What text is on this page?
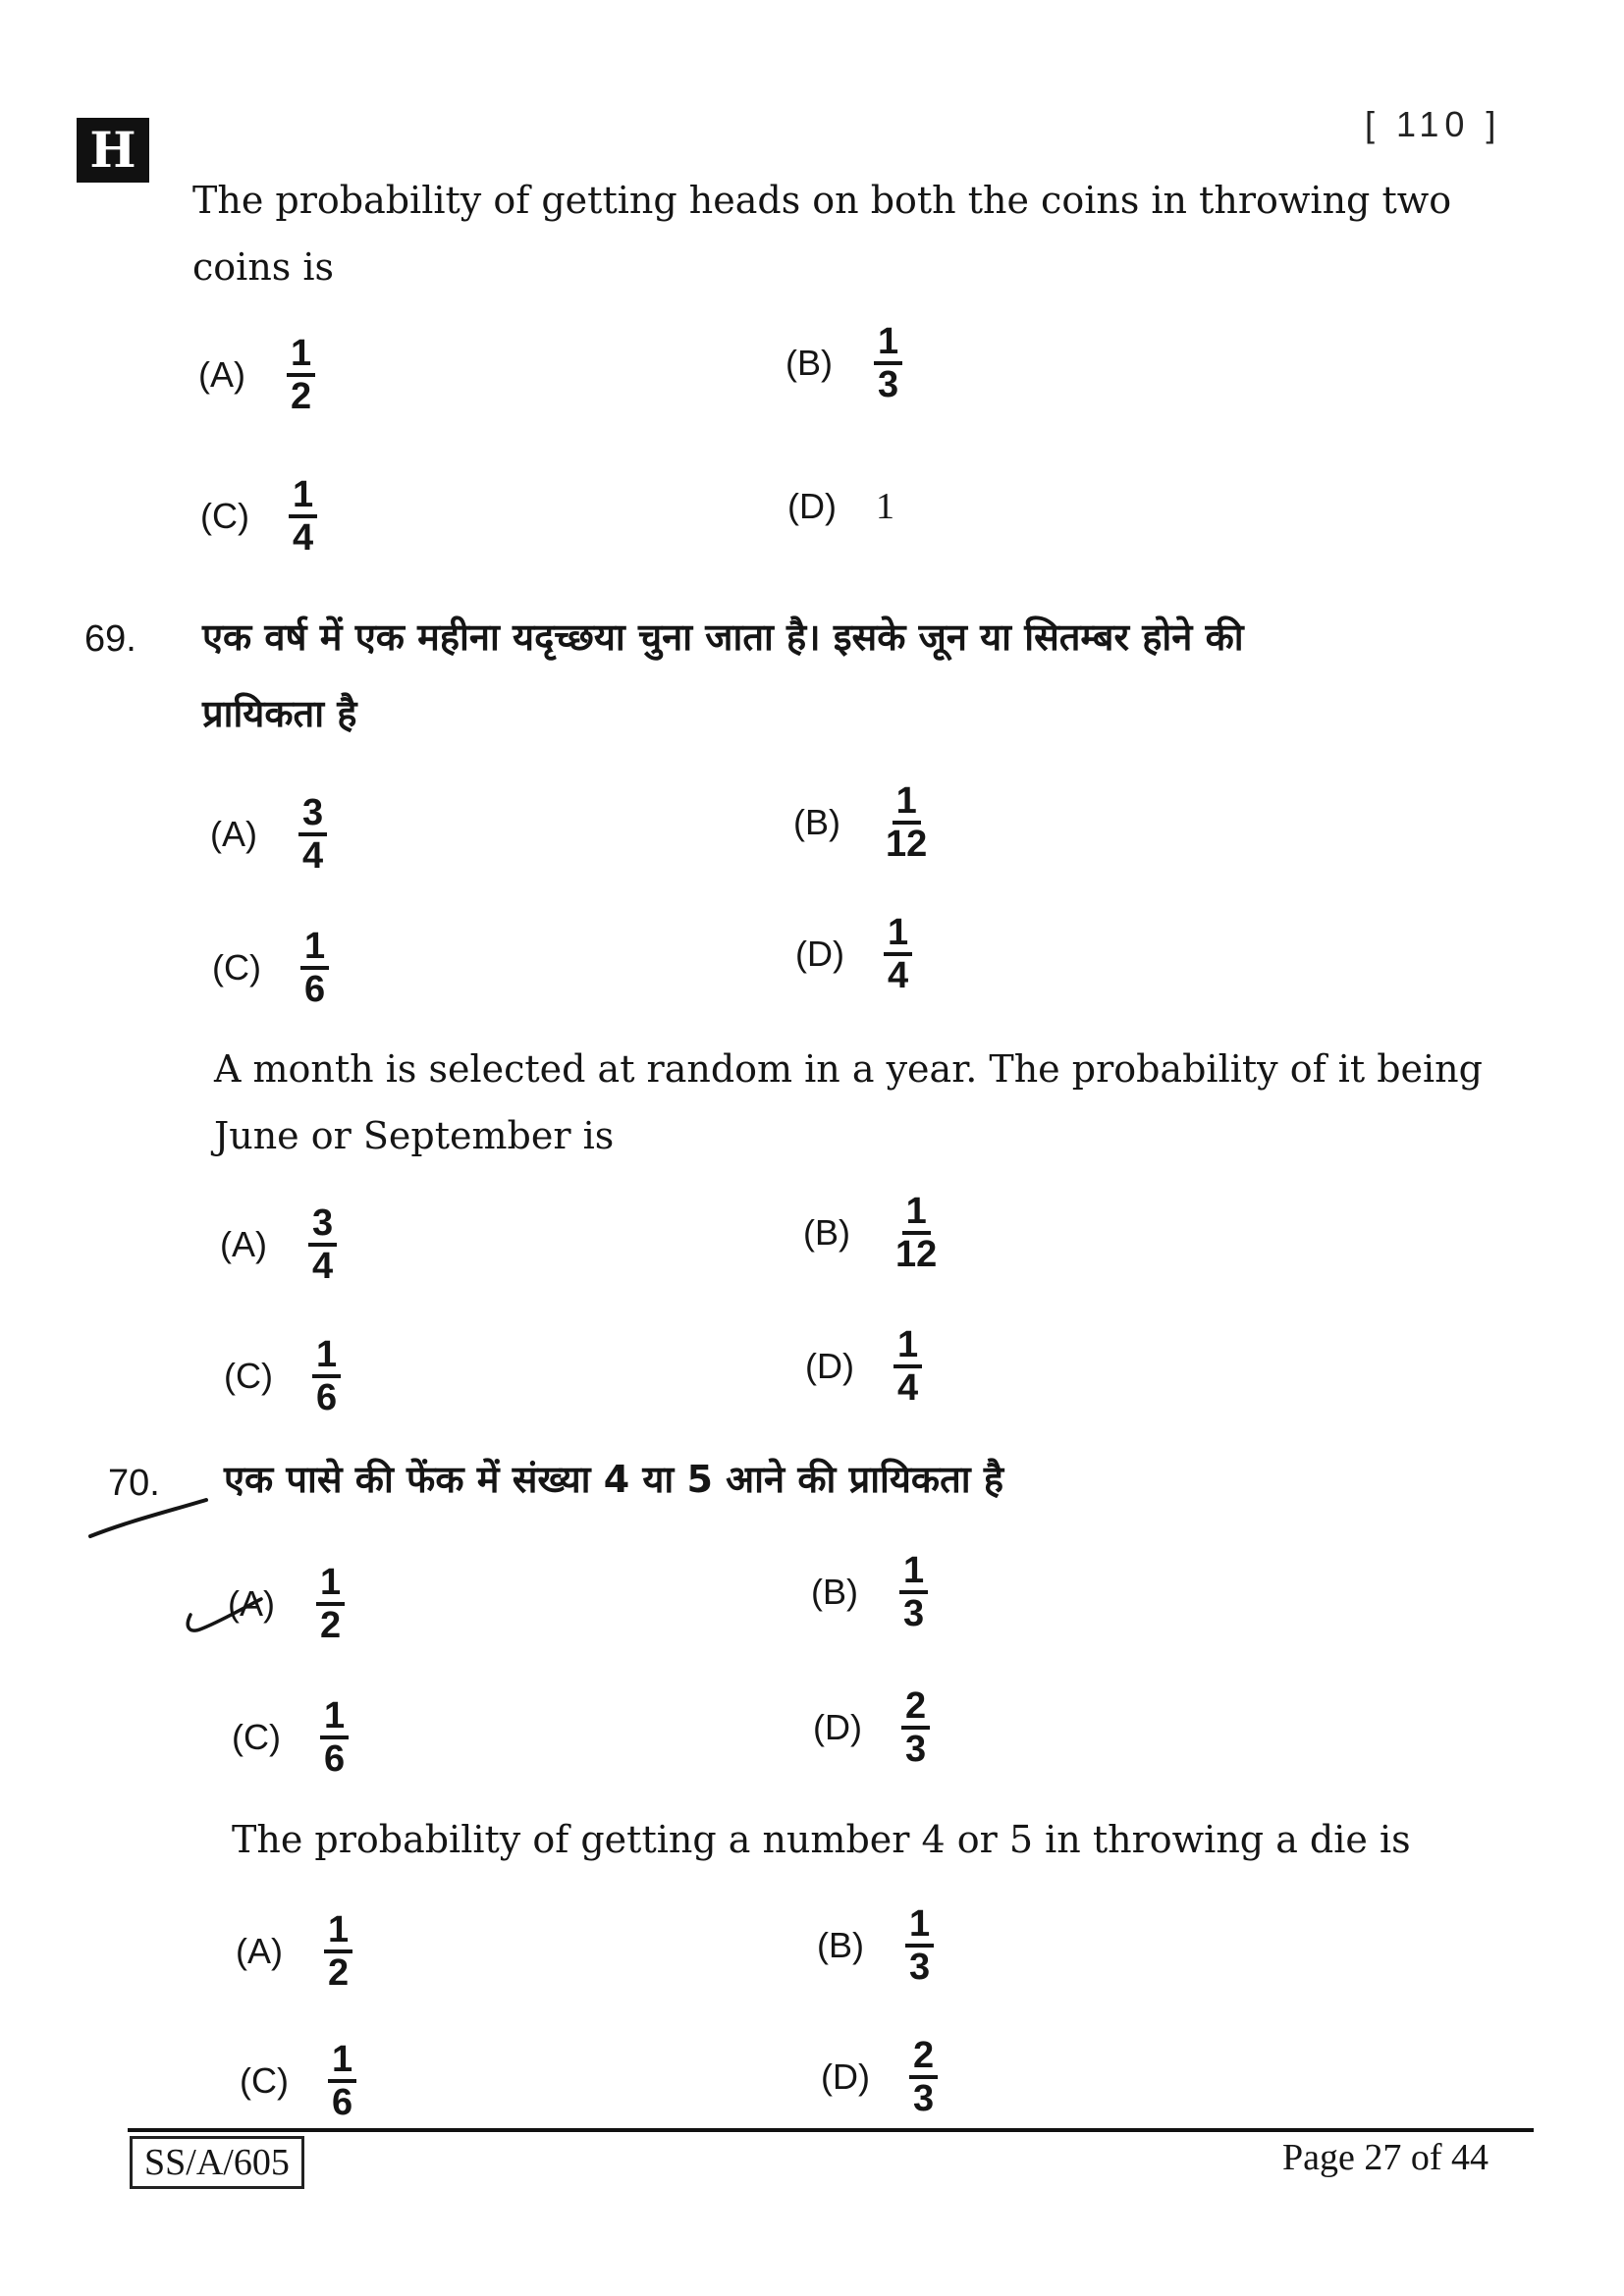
H	[ 110 ]
The probability of getting heads on both the coins in throwing two
coins is
(A)	$\frac{1}{2}$	(B)	$\frac{1}{3}$
(C)	$\frac{1}{4}$	(D)	1
69. एक वर्ष में एक महीना यदृच्छया चुना जाता है। इसके जून या सितम्बर होने की
प्रायिकता है
(A)	$\frac{3}{4}$	(B)	$\frac{1}{12}$
(C)	$\frac{1}{6}$	(D)	$\frac{1}{4}$
A month is selected at random in a year. The probability of it being
June or September is
(A)	$\frac{3}{4}$	(B)	$\frac{1}{12}$
(C)	$\frac{1}{6}$	(D)	$\frac{1}{4}$
70. एक पासे की फेंक में संख्या 4 या 5 आने की प्रायिकता है
(A)	$\frac{1}{2}$	(B)	$\frac{1}{3}$
(C)	$\frac{1}{6}$	(D)	$\frac{2}{3}$
The probability of getting a number 4 or 5 in throwing a die is
(A)	$\frac{1}{2}$	(B)	$\frac{1}{3}$
(C)	$\frac{1}{6}$	(D)	$\frac{2}{3}$
SS/A/605	Page 27 of 44
